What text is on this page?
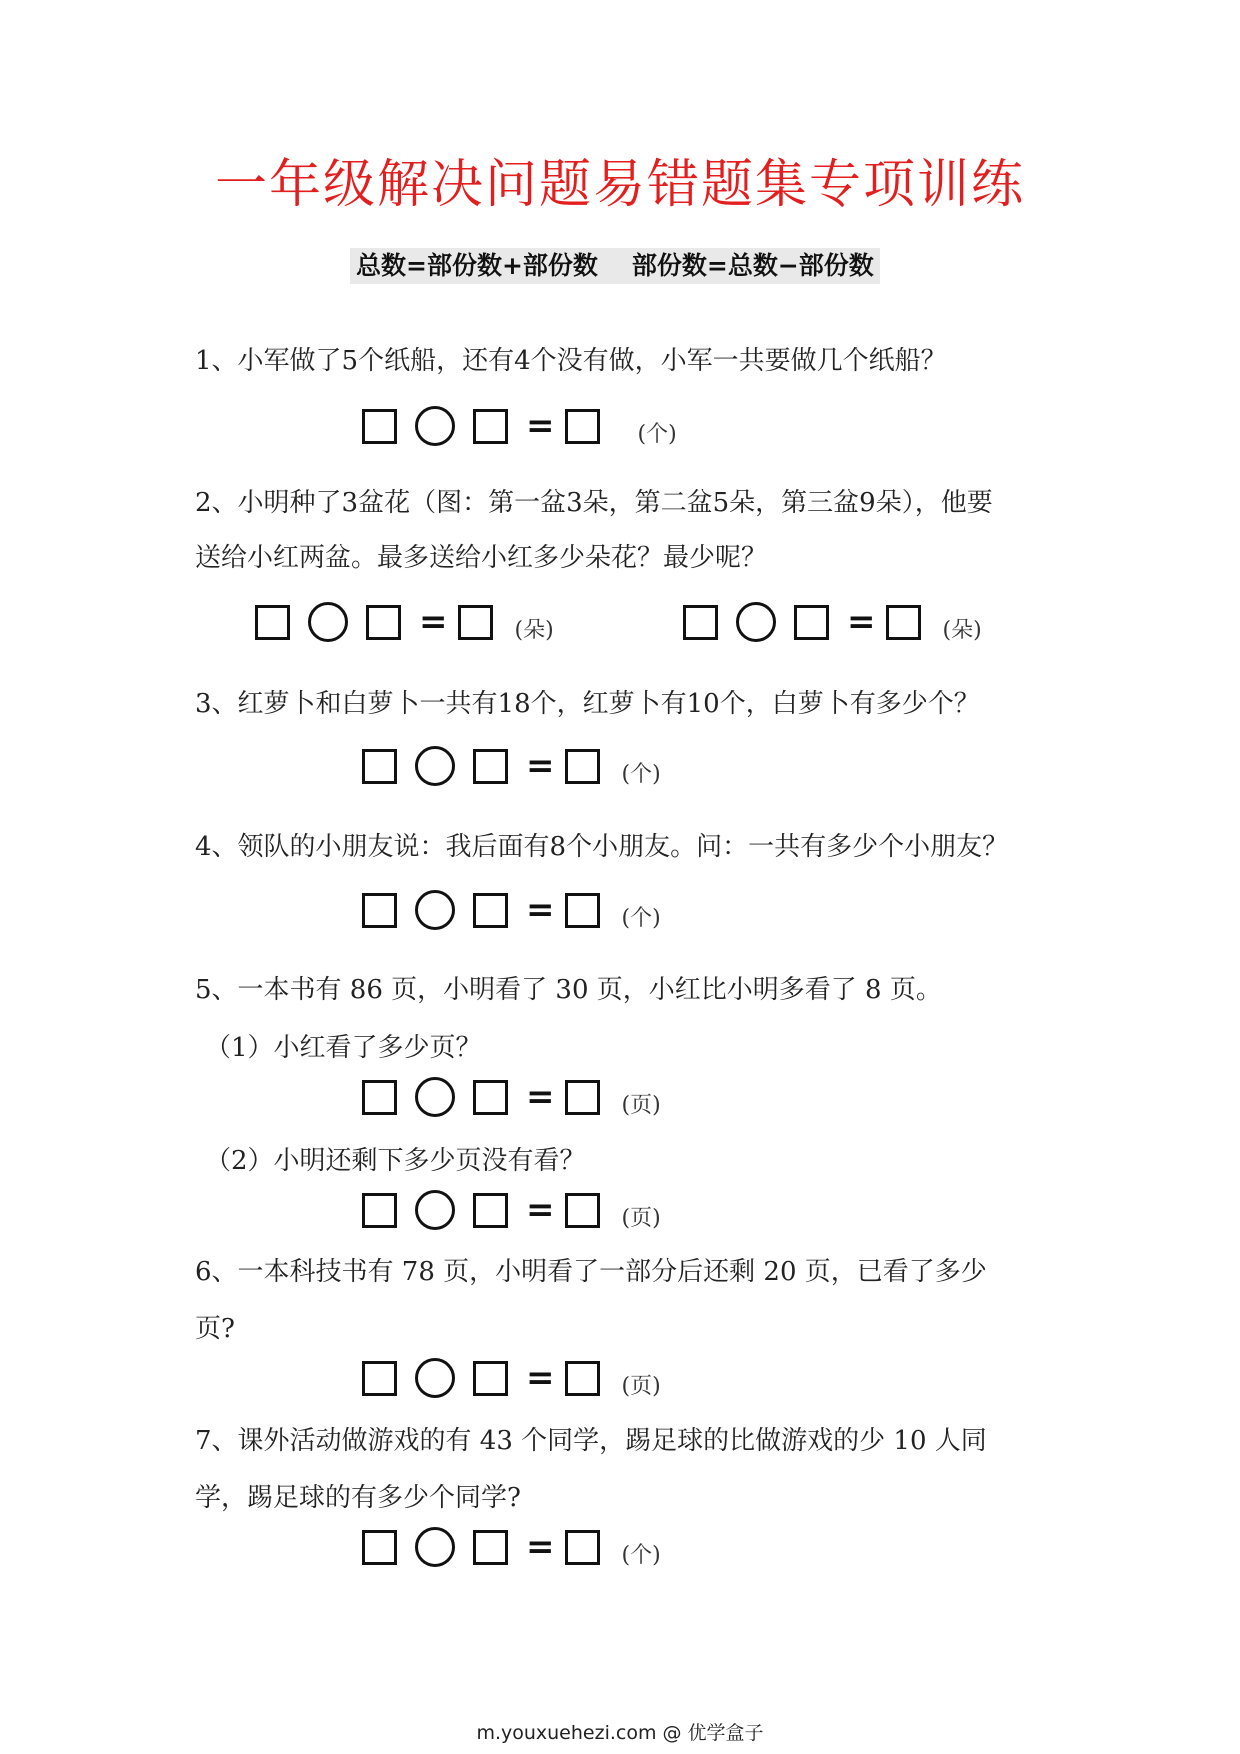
一年级解决问题易错题集专项训练
总数=部份数+部份数 部份数=总数−部份数
1、小军做了5个纸船，还有4个没有做，小军一共要做几个纸船？
=	(个)
2、小明种了3盆花（图：第一盆3朵，第二盆5朵，第三盆9朵），他要
送给小红两盆。最多送给小红多少朵花？最少呢？
=	(朵)	=	(朵)
3、红萝卜和白萝卜一共有18个，红萝卜有10个，白萝卜有多少个？
=	(个)
4、领队的小朋友说：我后面有8个小朋友。问：一共有多少个小朋友？
=	(个)
5、一本书有 86 页，小明看了 30 页，小红比小明多看了 8 页。
（1）小红看了多少页？
=	(页)
（2）小明还剩下多少页没有看？
=	(页)
6、一本科技书有 78 页，小明看了一部分后还剩 20 页，已看了多少
页?
=	(页)
7、课外活动做游戏的有 43 个同学，踢足球的比做游戏的少 10 人同
学，踢足球的有多少个同学?
=	(个)
m.youxuehezi.com @ 优学盒子
